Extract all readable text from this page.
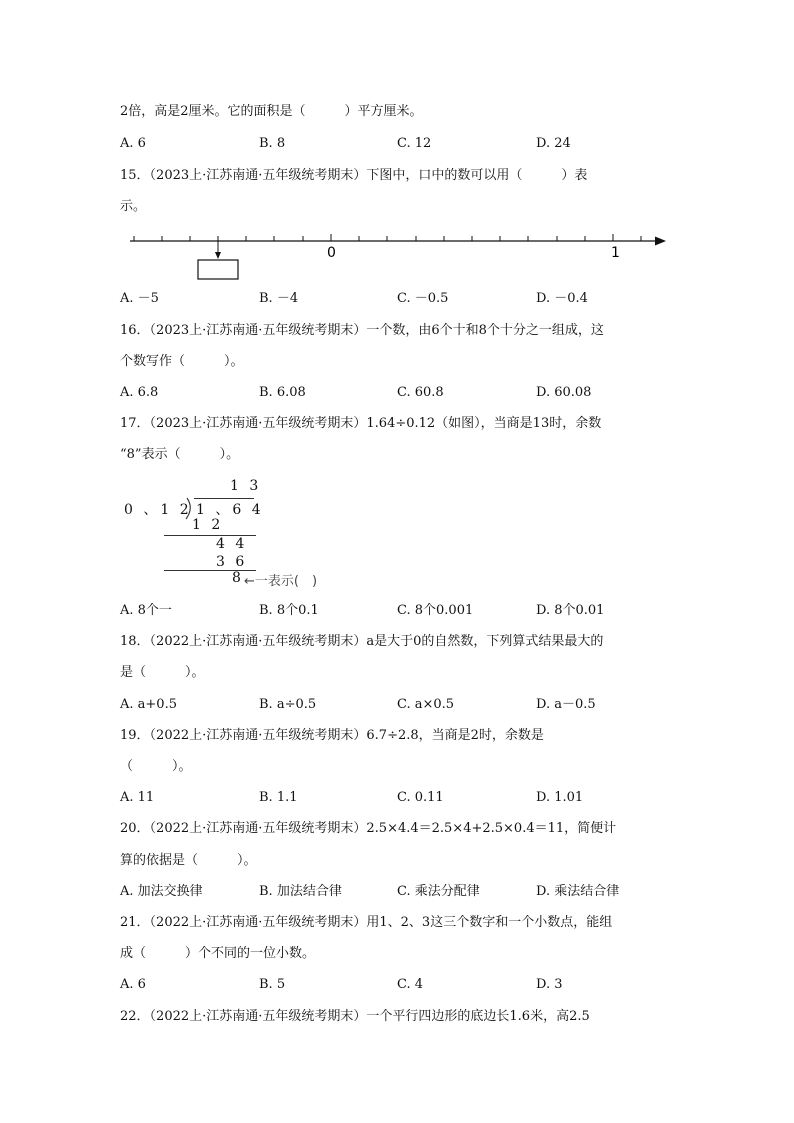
2倍，高是2厘米。它的面积是（　　　）平方厘米。
A. 6	B. 8	C. 12	D. 24
15．（2023上·江苏南通·五年级统考期末）下图中，口中的数可以用（　　　）表
示。
0	1
A. －5	B. －4	C. －0.5	D. －0.4
16．（2023上·江苏南通·五年级统考期末）一个数，由6个十和8个十分之一组成，这
个数写作（　　　）。
A. 6.8	B. 6.08	C. 60.8	D. 60.08
17．（2023上·江苏南通·五年级统考期末）1.64÷0.12（如图），当商是13时，余数
“8”表示（　　　）。
1 3
0 、1 2 1 、6 4
1 2
4 4
3 6
8 ←一表示(　)
A. 8个一	B. 8个0.1	C. 8个0.001	D. 8个0.01
18．（2022上·江苏南通·五年级统考期末）a是大于0的自然数，下列算式结果最大的
是（　　　）。
A. a+0.5	B. a÷0.5	C. a×0.5	D. a－0.5
19．（2022上·江苏南通·五年级统考期末）6.7÷2.8，当商是2时，余数是
（　　　）。
A. 11	B. 1.1	C. 0.11	D. 1.01
20．（2022上·江苏南通·五年级统考期末）2.5×4.4＝2.5×4+2.5×0.4＝11，简便计
算的依据是（　　　）。
A. 加法交换律	B. 加法结合律	C. 乘法分配律	D. 乘法结合律
21．（2022上·江苏南通·五年级统考期末）用1、2、3这三个数字和一个小数点，能组
成（　　　）个不同的一位小数。
A. 6	B. 5	C. 4	D. 3
22．（2022上·江苏南通·五年级统考期末）一个平行四边形的底边长1.6米，高2.5
